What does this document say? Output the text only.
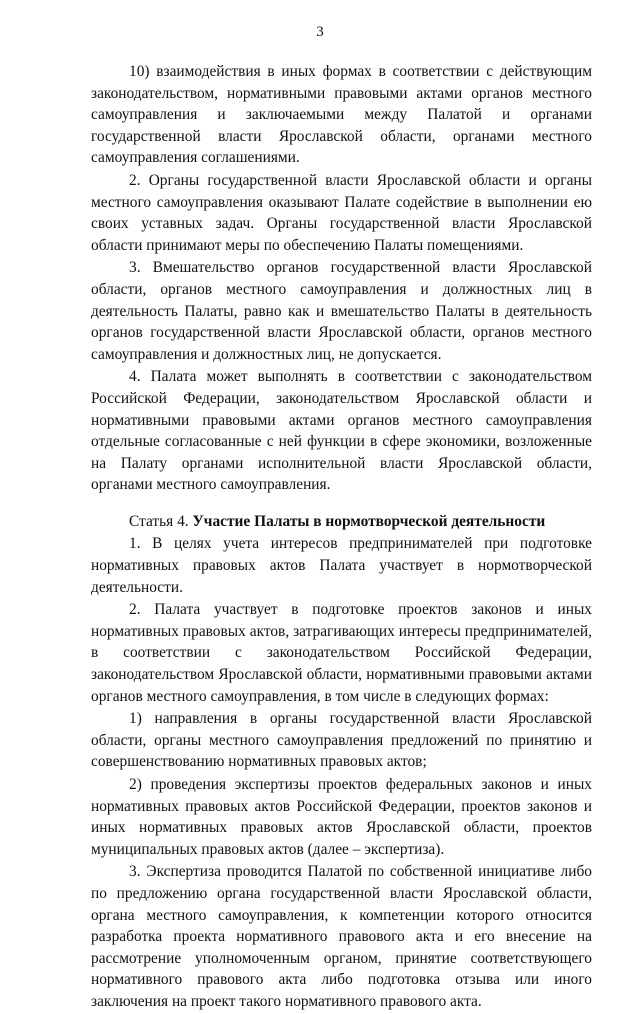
3

10) взаимодействия в иных формах в соответствии с действующим законодательством, нормативными правовыми актами органов местного самоуправления и заключаемыми между Палатой и органами государственной власти Ярославской области, органами местного самоуправления соглашениями.

2. Органы государственной власти Ярославской области и органы местного самоуправления оказывают Палате содействие в выполнении ею своих уставных задач. Органы государственной власти Ярославской области принимают меры по обеспечению Палаты помещениями.

3. Вмешательство органов государственной власти Ярославской области, органов местного самоуправления и должностных лиц в деятельность Палаты, равно как и вмешательство Палаты в деятельность органов государственной власти Ярославской области, органов местного самоуправления и должностных лиц, не допускается.

4. Палата может выполнять в соответствии с законодательством Российской Федерации, законодательством Ярославской области и нормативными правовыми актами органов местного самоуправления отдельные согласованные с ней функции в сфере экономики, возложенные на Палату органами исполнительной власти Ярославской области, органами местного самоуправления.

Статья 4. Участие Палаты в нормотворческой деятельности

1. В целях учета интересов предпринимателей при подготовке нормативных правовых актов Палата участвует в нормотворческой деятельности.

2. Палата участвует в подготовке проектов законов и иных нормативных правовых актов, затрагивающих интересы предпринимателей, в соответствии с законодательством Российской Федерации, законодательством Ярославской области, нормативными правовыми актами органов местного самоуправления, в том числе в следующих формах:

1) направления в органы государственной власти Ярославской области, органы местного самоуправления предложений по принятию и совершенствованию нормативных правовых актов;

2) проведения экспертизы проектов федеральных законов и иных нормативных правовых актов Российской Федерации, проектов законов и иных нормативных правовых актов Ярославской области, проектов муниципальных правовых актов (далее – экспертиза).

3. Экспертиза проводится Палатой по собственной инициативе либо по предложению органа государственной власти Ярославской области, органа местного самоуправления, к компетенции которого относится разработка проекта нормативного правового акта и его внесение на рассмотрение уполномоченным органом, принятие соответствующего нормативного правового акта либо подготовка отзыва или иного заключения на проект такого нормативного правового акта.
